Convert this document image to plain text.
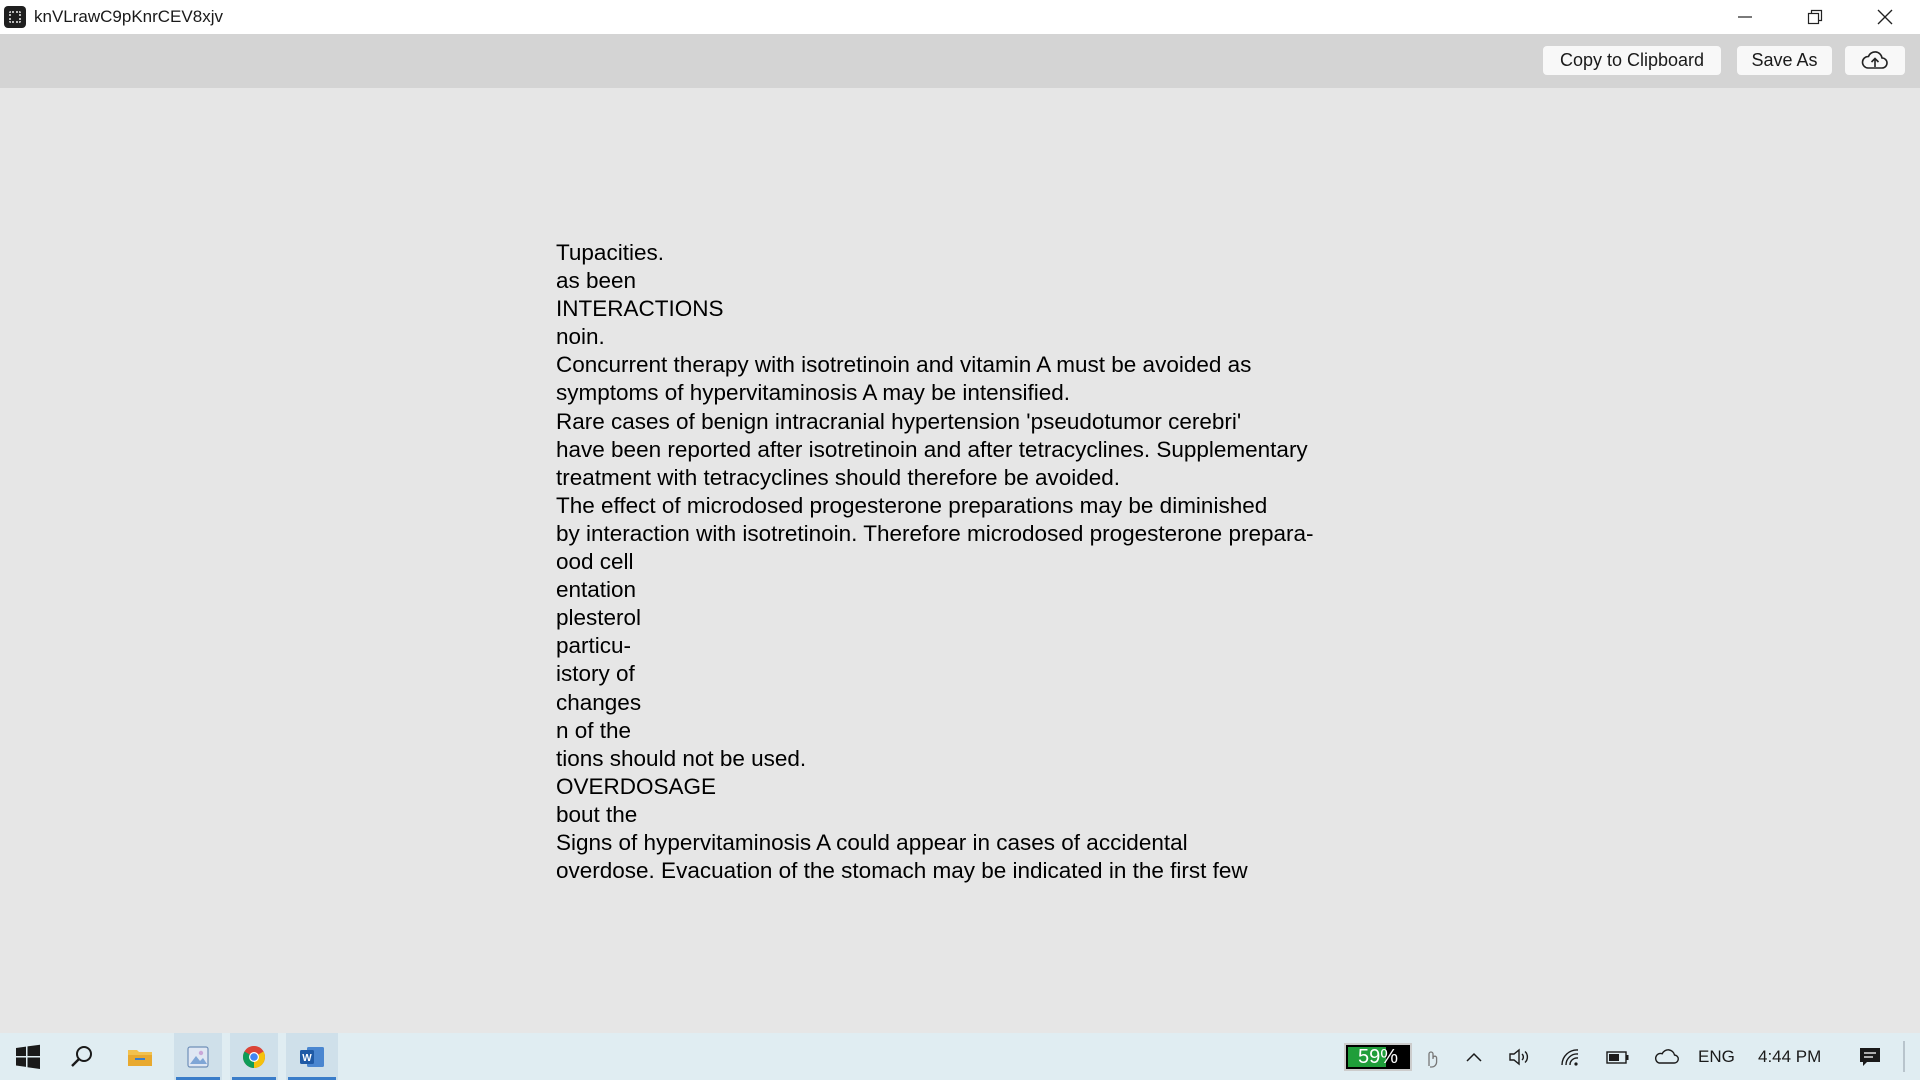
knVLrawC9pKnrCEV8xjv
Copy to Clipboard	Save As
Tupacities.
as been
INTERACTIONS
noin.
Concurrent therapy with isotretinoin and vitamin A must be avoided as
symptoms of hypervitaminosis A may be intensified.
Rare cases of benign intracranial hypertension 'pseudotumor cerebri'
have been reported after isotretinoin and after tetracyclines. Supplementary
treatment with tetracyclines should therefore be avoided.
The effect of microdosed progesterone preparations may be diminished
by interaction with isotretinoin. Therefore microdosed progesterone prepara-
ood cell
entation
plesterol
particu-
istory of
changes
n of the
tions should not be used.
OVERDOSAGE
bout the
Signs of hypervitaminosis A could appear in cases of accidental
overdose. Evacuation of the stomach may be indicated in the first few
W	59%	ENG 4:44 PM
